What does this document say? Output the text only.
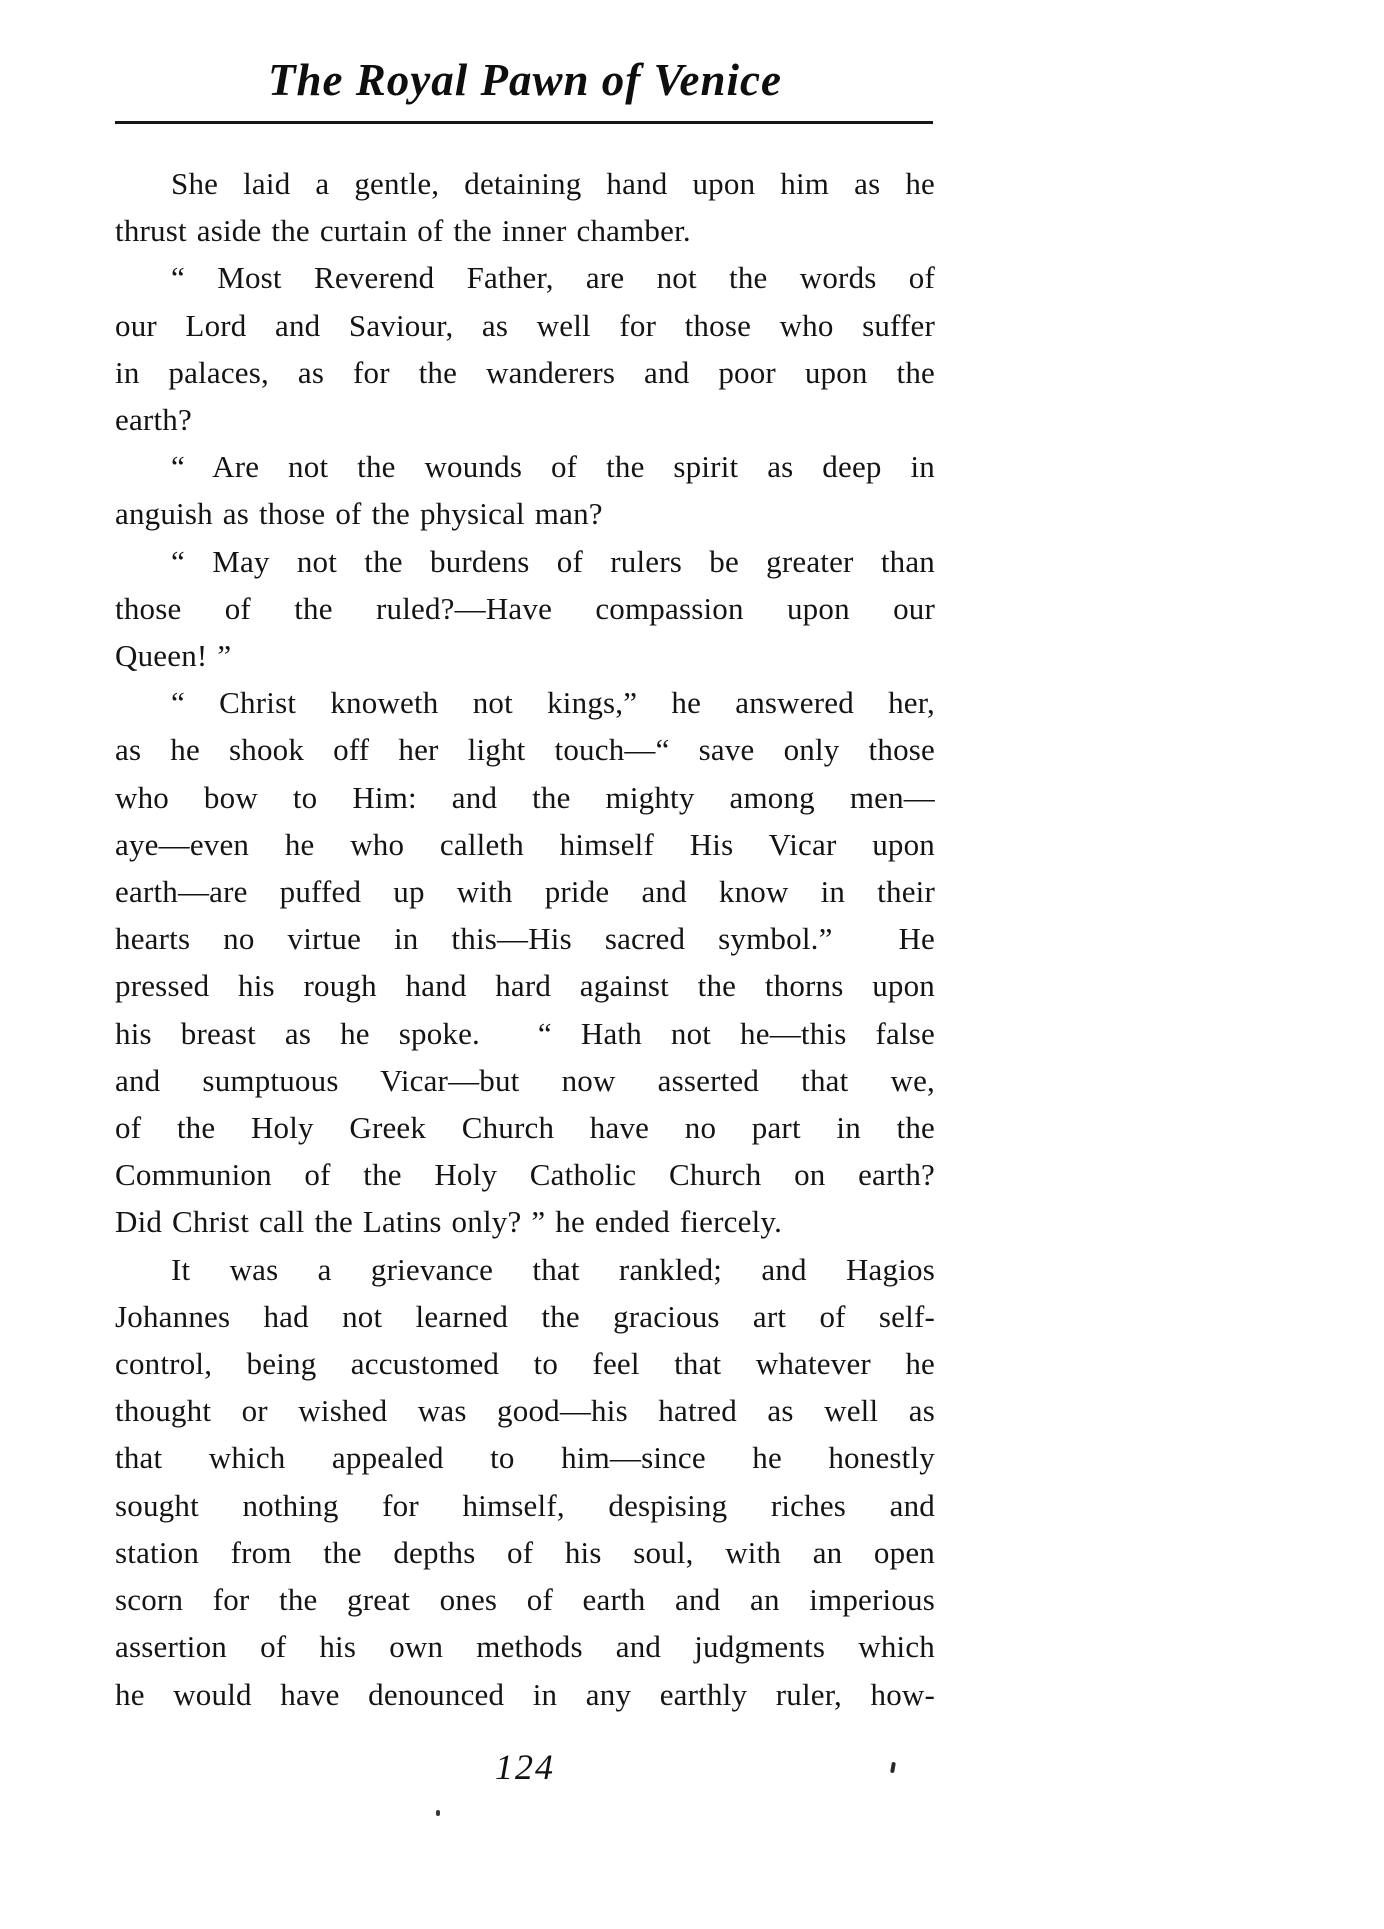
The Royal Pawn of Venice
She laid a gentle, detaining hand upon him as he
thrust aside the curtain of the inner chamber.
“ Most Reverend Father, are not the words of
our Lord and Saviour, as well for those who suffer
in palaces, as for the wanderers and poor upon the
earth?
“ Are not the wounds of the spirit as deep in
anguish as those of the physical man?
“ May not the burdens of rulers be greater than
those of the ruled?—Have compassion upon our
Queen! ”
“ Christ knoweth not kings,” he answered her,
as he shook off her light touch—“ save only those
who bow to Him: and the mighty among men—
aye—even he who calleth himself His Vicar upon
earth—are puffed up with pride and know in their
hearts no virtue in this—His sacred symbol.”  He
pressed his rough hand hard against the thorns upon
his breast as he spoke.  “ Hath not he—this false
and sumptuous Vicar—but now asserted that we,
of the Holy Greek Church have no part in the
Communion of the Holy Catholic Church on earth?
Did Christ call the Latins only? ” he ended fiercely.
It was a grievance that rankled; and Hagios
Johannes had not learned the gracious art of self-
control, being accustomed to feel that whatever he
thought or wished was good—his hatred as well as
that which appealed to him—since he honestly
sought nothing for himself, despising riches and
station from the depths of his soul, with an open
scorn for the great ones of earth and an imperious
assertion of his own methods and judgments which
he would have denounced in any earthly ruler, how-
124
